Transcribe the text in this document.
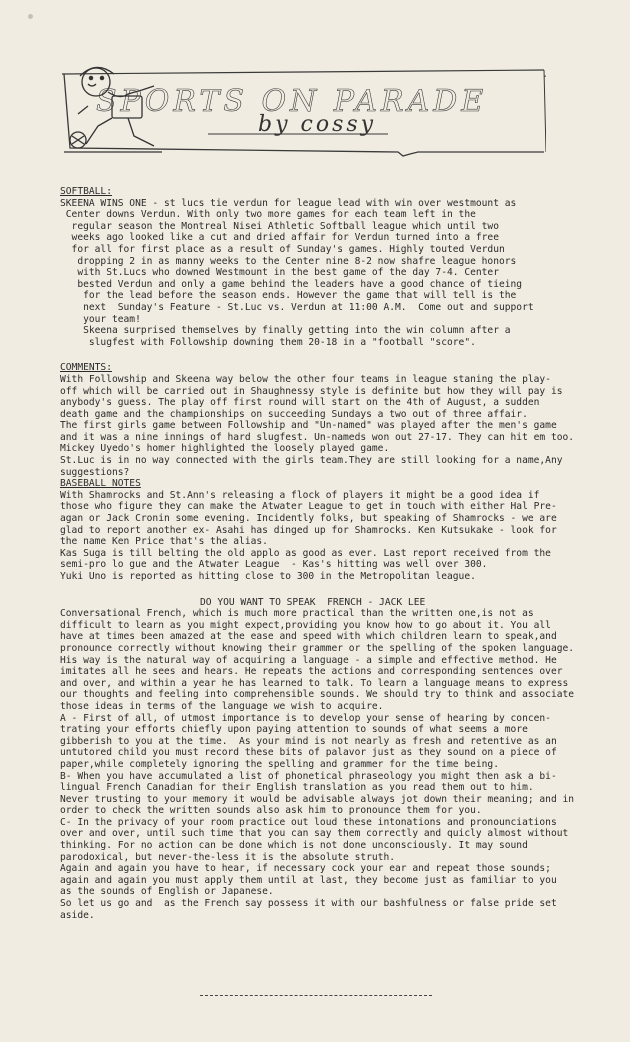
SPORTS ON PARADE
by cossy
SOFTBALL:
SKEENA WINS ONE - st lucs tie verdun for league lead with win over westmount as
Center downs Verdun. With only two more games for each team left in the
regular season the Montreal Nisei Athletic Softball league which until two
weeks ago looked like a cut and dried affair for Verdun turned into a free
for all for first place as a result of Sunday's games. Highly touted Verdun
dropping 2 in as manny weeks to the Center nine 8-2 now shafre league honors
with St.Lucs who downed Westmount in the best game of the day 7-4. Center
bested Verdun and only a game behind the leaders have a good chance of tieing
for the lead before the season ends. However the game that will tell is the
next  Sunday's Feature - St.Luc vs. Verdun at 11:00 A.M.  Come out and support
your team!
Skeena surprised themselves by finally getting into the win column after a
slugfest with Followship downing them 20-18 in a "football "score".
COMMENTS:
With Followship and Skeena way below the other four teams in league staning the play-
off which will be carried out in Shaughnessy style is definite but how they will pay is
anybody's guess. The play off first round will start on the 4th of August, a sudden
death game and the championships on succeeding Sundays a two out of three affair.
The first girls game between Followship and "Un-named" was played after the men's game
and it was a nine innings of hard slugfest. Un-nameds won out 27-17. They can hit em too.
Mickey Uyedo's homer highlighted the loosely played game.
St.Luc is in no way connected with the girls team.They are still looking for a name,Any
suggestions?
BASEBALL NOTES
With Shamrocks and St.Ann's releasing a flock of players it might be a good idea if
those who figure they can make the Atwater League to get in touch with either Hal Pre-
agan or Jack Cronin some evening. Incidently folks, but speaking of Shamrocks - we are
glad to report another ex- Asahi has dinged up for Shamrocks. Ken Kutsukake - look for
the name Ken Price that's the alias.
Kas Suga is till belting the old applo as good as ever. Last report received from the
semi-pro lo gue and the Atwater League  - Kas's hitting was well over 300.
Yuki Uno is reported as hitting close to 300 in the Metropolitan league.
DO YOU WANT TO SPEAK  FRENCH - JACK LEE
Conversational French, which is much more practical than the written one,is not as
difficult to learn as you might expect,providing you know how to go about it. You all
have at times been amazed at the ease and speed with which children learn to speak,and
pronounce correctly without knowing their grammer or the spelling of the spoken language.
His way is the natural way of acquiring a language - a simple and effective method. He
imitates all he sees and hears. He repeats the actions and corresponding sentences over
and over, and within a year he has learned to talk. To learn a language means to express
our thoughts and feeling into comprehensible sounds. We should try to think and associate
those ideas in terms of the language we wish to acquire.
A - First of all, of utmost importance is to develop your sense of hearing by concen-
trating your efforts chiefly upon paying attention to sounds of what seems a more
gibberish to you at the time.  As your mind is not nearly as fresh and retentive as an
untutored child you must record these bits of palavor just as they sound on a piece of
paper,while completely ignoring the spelling and grammer for the time being.
B- When you have accumulated a list of phonetical phraseology you might then ask a bi-
lingual French Canadian for their English translation as you read them out to him.
Never trusting to your memory it would be advisable always jot down their meaning; and in
order to check the written sounds also ask him to pronounce them for you.
C- In the privacy of your room practice out loud these intonations and pronounciations
over and over, until such time that you can say them correctly and quicly almost without
thinking. For no action can be done which is not done unconsciously. It may sound
parodoxical, but never-the-less it is the absolute struth.
Again and again you have to hear, if necessary cock your ear and repeat those sounds;
again and again you must apply them until at last, they become just as familiar to you
as the sounds of English or Japanese.
So let us go and  as the French say possess it with our bashfulness or false pride set
aside.
